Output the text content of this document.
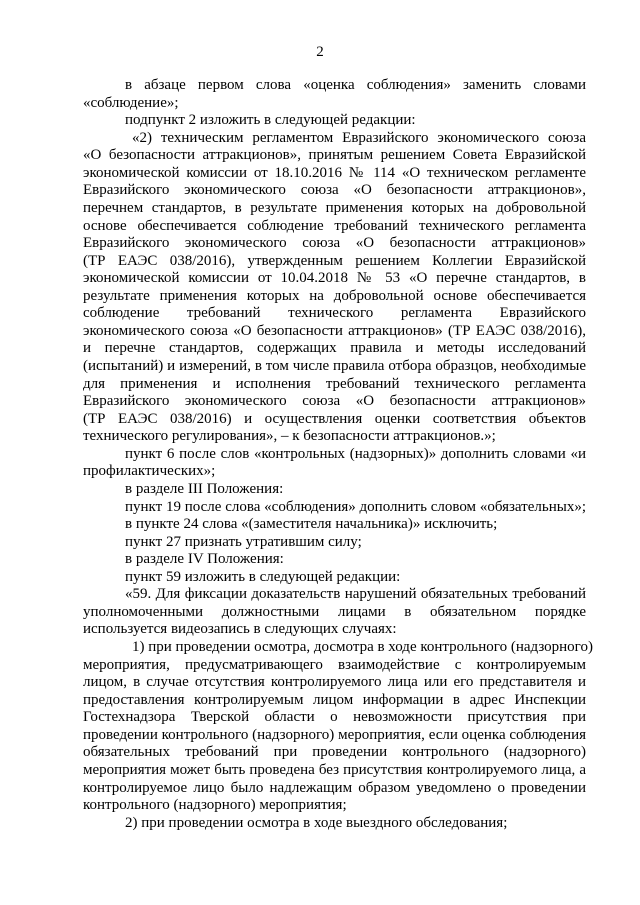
2
в абзаце первом слова «оценка соблюдения» заменить словами
«соблюдение»;
подпункт 2 изложить в следующей редакции:
«2) техническим регламентом Евразийского экономического союза
«О безопасности аттракционов», принятым решением Совета Евразийской
экономической комиссии от 18.10.2016 № 114 «О техническом регламенте
Евразийского экономического союза «О безопасности аттракционов»,
перечнем стандартов, в результате применения которых на добровольной
основе обеспечивается соблюдение требований технического регламента
Евразийского экономического союза «О безопасности аттракционов»
(ТР ЕАЭС 038/2016), утвержденным решением Коллегии Евразийской
экономической комиссии от 10.04.2018 № 53 «О перечне стандартов, в
результате применения которых на добровольной основе обеспечивается
соблюдение требований технического регламента Евразийского
экономического союза «О безопасности аттракционов» (ТР ЕАЭС 038/2016),
и перечне стандартов, содержащих правила и методы исследований
(испытаний) и измерений, в том числе правила отбора образцов, необходимые
для применения и исполнения требований технического регламента
Евразийского экономического союза «О безопасности аттракционов»
(ТР ЕАЭС 038/2016) и осуществления оценки соответствия объектов
технического регулирования», – к безопасности аттракционов.»;
пункт 6 после слов «контрольных (надзорных)» дополнить словами «и
профилактических»;
в разделе III Положения:
пункт 19 после слова «соблюдения» дополнить словом «обязательных»;
в пункте 24 слова «(заместителя начальника)» исключить;
пункт 27 признать утратившим силу;
в разделе IV Положения:
пункт 59 изложить в следующей редакции:
«59. Для фиксации доказательств нарушений обязательных требований
уполномоченными должностными лицами в обязательном порядке
используется видеозапись в следующих случаях:
1) при проведении осмотра, досмотра в ходе контрольного (надзорного)
мероприятия, предусматривающего взаимодействие с контролируемым
лицом, в случае отсутствия контролируемого лица или его представителя и
предоставления контролируемым лицом информации в адрес Инспекции
Гостехнадзора Тверской области о невозможности присутствия при
проведении контрольного (надзорного) мероприятия, если оценка соблюдения
обязательных требований при проведении контрольного (надзорного)
мероприятия может быть проведена без присутствия контролируемого лица, а
контролируемое лицо было надлежащим образом уведомлено о проведении
контрольного (надзорного) мероприятия;
2) при проведении осмотра в ходе выездного обследования;
